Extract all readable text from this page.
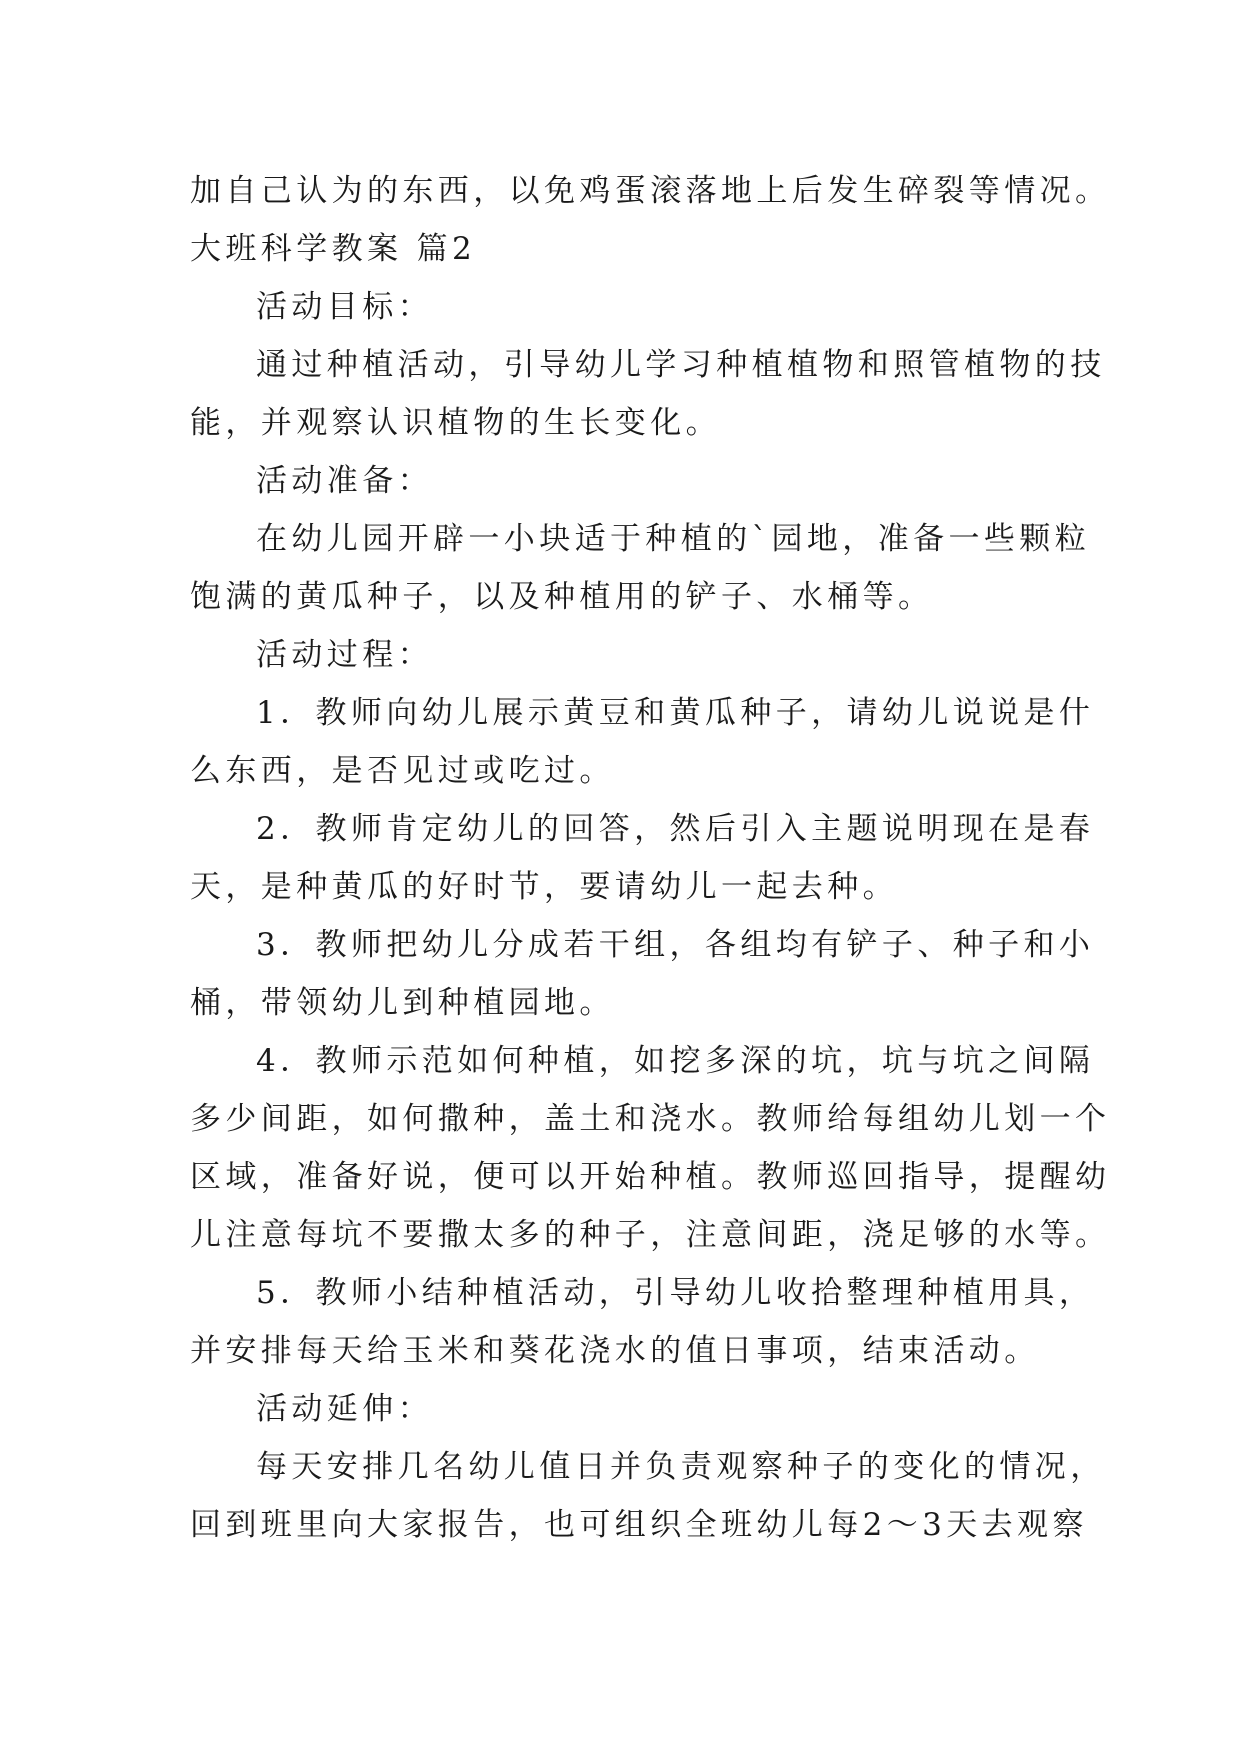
加自己认为的东西，以免鸡蛋滚落地上后发生碎裂等情况。
大班科学教案 篇2
活动目标：
通过种植活动，引导幼儿学习种植植物和照管植物的技
能，并观察认识植物的生长变化。
活动准备：
在幼儿园开辟一小块适于种植的`园地，准备一些颗粒
饱满的黄瓜种子，以及种植用的铲子、水桶等。
活动过程：
1．教师向幼儿展示黄豆和黄瓜种子，请幼儿说说是什
么东西，是否见过或吃过。
2．教师肯定幼儿的回答，然后引入主题说明现在是春
天，是种黄瓜的好时节，要请幼儿一起去种。
3．教师把幼儿分成若干组，各组均有铲子、种子和小
桶，带领幼儿到种植园地。
4．教师示范如何种植，如挖多深的坑，坑与坑之间隔
多少间距，如何撒种，盖土和浇水。教师给每组幼儿划一个
区域，准备好说，便可以开始种植。教师巡回指导，提醒幼
儿注意每坑不要撒太多的种子，注意间距，浇足够的水等。
5．教师小结种植活动，引导幼儿收拾整理种植用具，
并安排每天给玉米和葵花浇水的值日事项，结束活动。
活动延伸：
每天安排几名幼儿值日并负责观察种子的变化的情况，
回到班里向大家报告，也可组织全班幼儿每2～3天去观察
